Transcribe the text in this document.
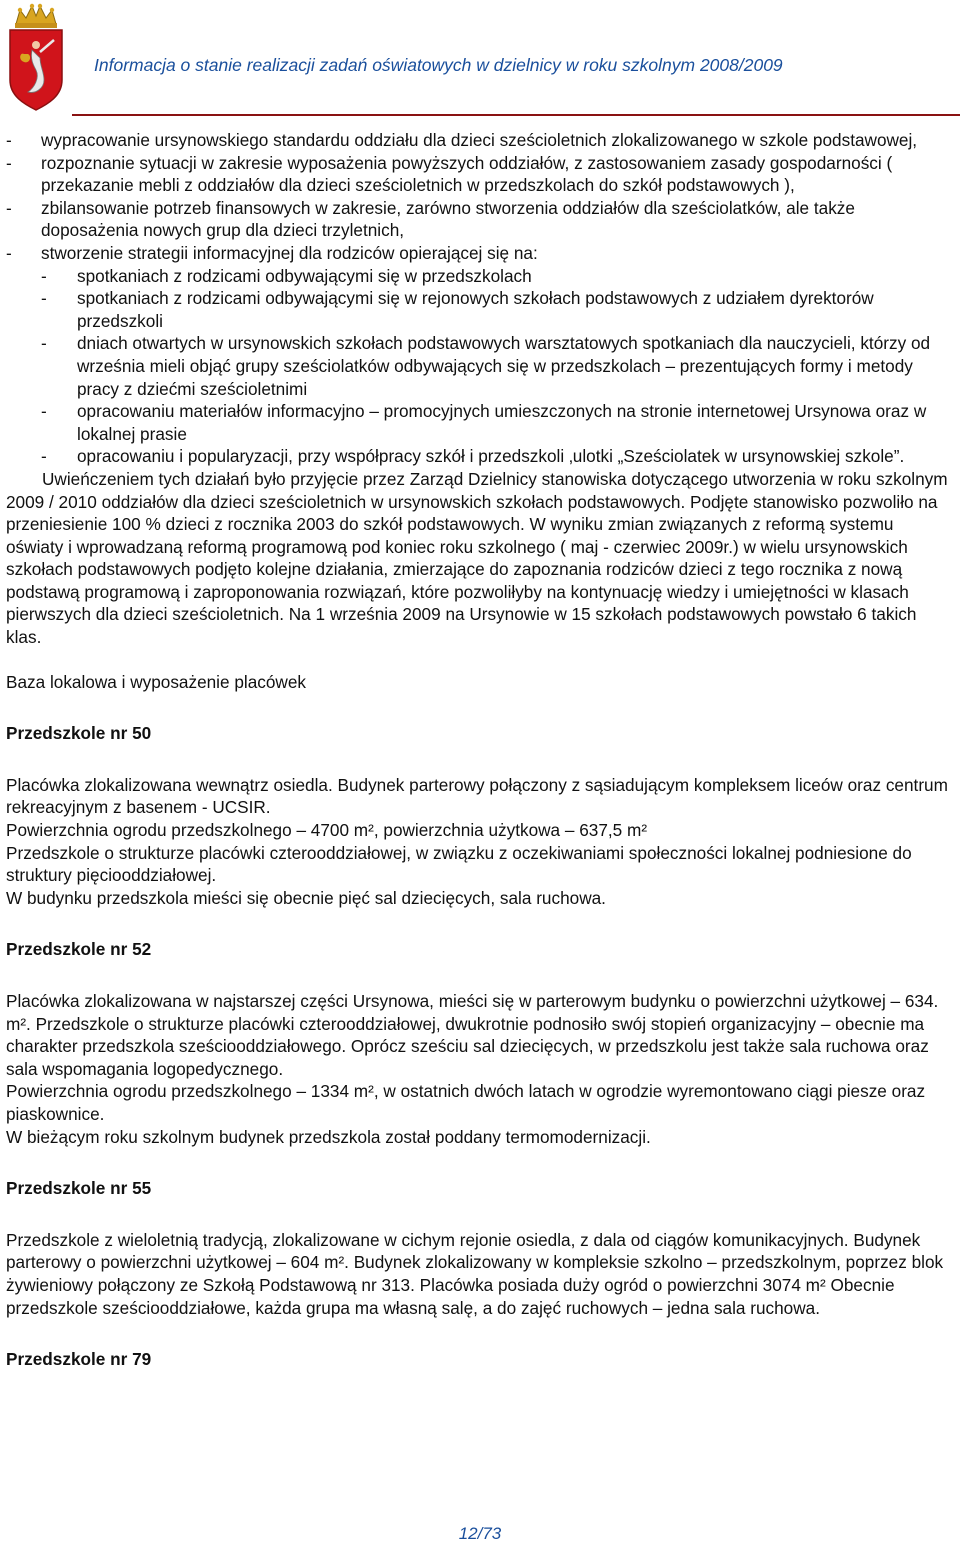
Informacja o stanie realizacji zadań oświatowych w dzielnicy w roku szkolnym 2008/2009
-	wypracowanie ursynowskiego standardu oddziału dla dzieci sześcioletnich zlokalizowanego w szkole podstawowej,
-	rozpoznanie sytuacji w zakresie wyposażenia powyższych oddziałów, z zastosowaniem zasady gospodarności ( przekazanie mebli z oddziałów dla dzieci sześcioletnich w przedszkolach do szkół podstawowych ),
-	zbilansowanie potrzeb finansowych w zakresie, zarówno stworzenia oddziałów dla sześciolatków, ale także doposażenia nowych grup dla dzieci trzyletnich,
-	stworzenie strategii informacyjnej dla rodziców opierającej się na:
-	spotkaniach z rodzicami odbywającymi się w przedszkolach
-	spotkaniach z rodzicami odbywającymi się w rejonowych szkołach podstawowych z udziałem dyrektorów przedszkoli
-	dniach otwartych w ursynowskich szkołach podstawowych warsztatowych spotkaniach dla nauczycieli, którzy od września mieli objąć grupy sześciolatków odbywających się w przedszkolach – prezentujących formy i metody pracy z dziećmi sześcioletnimi
-	opracowaniu materiałów informacyjno – promocyjnych umieszczonych na stronie internetowej Ursynowa oraz w lokalnej prasie
-	opracowaniu i popularyzacji, przy współpracy szkół i przedszkoli ‚ulotki „Sześciolatek w ursynowskiej szkole”.

Uwieńczeniem tych działań było przyjęcie przez Zarząd Dzielnicy stanowiska dotyczącego utworzenia w roku szkolnym 2009 / 2010 oddziałów dla dzieci sześcioletnich w ursynowskich szkołach podstawowych. Podjęte stanowisko pozwoliło na przeniesienie 100 % dzieci z rocznika 2003 do szkół podstawowych. W wyniku zmian związanych z reformą systemu oświaty i wprowadzaną reformą programową pod koniec roku szkolnego ( maj - czerwiec 2009r.) w wielu ursynowskich szkołach podstawowych podjęto kolejne działania, zmierzające do zapoznania rodziców dzieci z tego rocznika z nową podstawą programową i zaproponowania rozwiązań, które pozwoliłyby na kontynuację wiedzy i umiejętności w klasach pierwszych dla dzieci sześcioletnich. Na 1 września 2009 na Ursynowie w 15 szkołach podstawowych powstało 6 takich klas.

Baza lokalowa i wyposażenie placówek

Przedszkole nr 50

Placówka zlokalizowana wewnątrz osiedla. Budynek parterowy połączony z sąsiadującym kompleksem liceów oraz centrum rekreacyjnym z basenem - UCSIR.

Powierzchnia ogrodu przedszkolnego – 4700 m², powierzchnia użytkowa – 637,5 m²

Przedszkole o strukturze placówki czterooddziałowej, w związku z oczekiwaniami społeczności lokalnej podniesione do struktury pięciooddziałowej.

W budynku przedszkola mieści się obecnie pięć sal dziecięcych, sala ruchowa.

Przedszkole nr 52

Placówka zlokalizowana w najstarszej części Ursynowa, mieści się w parterowym budynku o powierzchni użytkowej – 634. m². Przedszkole o strukturze placówki czterooddziałowej, dwukrotnie podnosiło swój stopień organizacyjny – obecnie ma charakter przedszkola sześciooddziałowego. Oprócz sześciu sal dziecięcych, w przedszkolu jest także sala ruchowa oraz sala wspomagania logopedycznego.

Powierzchnia ogrodu przedszkolnego – 1334 m², w ostatnich dwóch latach w ogrodzie wyremontowano ciągi piesze oraz piaskownice.

W bieżącym roku szkolnym budynek przedszkola został poddany termomodernizacji.

Przedszkole nr 55

Przedszkole z wieloletnią tradycją, zlokalizowane w cichym rejonie osiedla, z dala od ciągów komunikacyjnych. Budynek parterowy o powierzchni użytkowej – 604 m². Budynek zlokalizowany w kompleksie szkolno – przedszkolnym, poprzez blok żywieniowy połączony ze Szkołą Podstawową nr 313. Placówka posiada duży ogród o powierzchni 3074 m² Obecnie przedszkole sześciooddziałowe, każda grupa ma własną salę, a do zajęć ruchowych – jedna sala ruchowa.

Przedszkole nr 79

12/73
